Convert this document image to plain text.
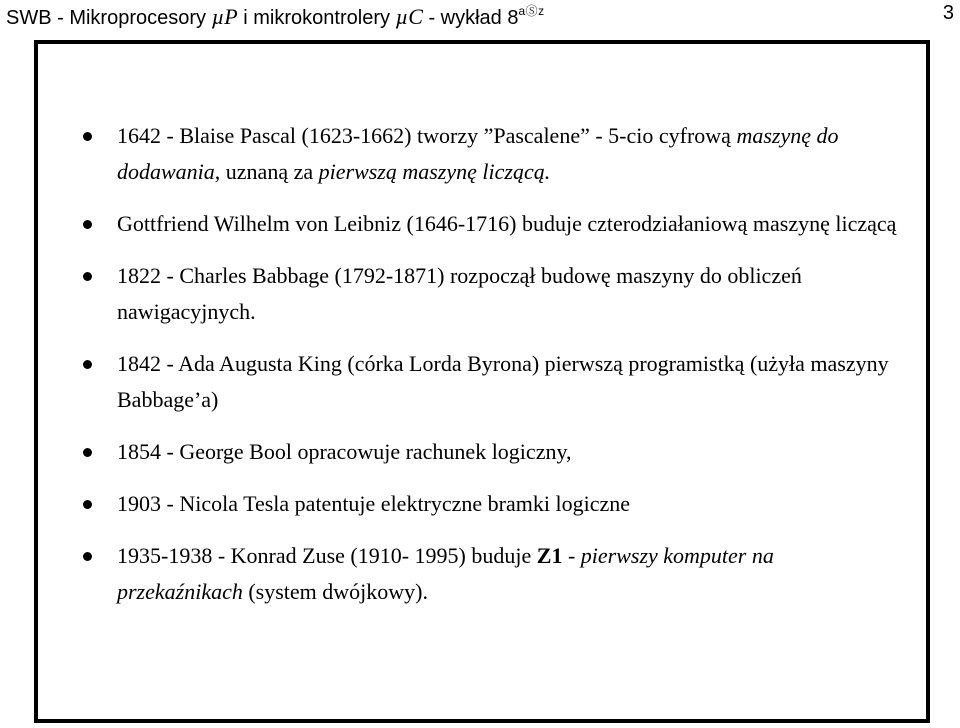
SWB - Mikroprocesory µP i mikrokontrolery µC - wykład $8^{aⓈz}$	3
1642 - Blaise Pascal (1623-1662) tworzy ”Pascalene” - 5-cio cyfrową maszynę do dodawania, uznaną za pierwszą maszynę liczącą.
Gottfriend Wilhelm von Leibniz (1646-1716) buduje czterodziałaniową maszynę liczącą
1822 - Charles Babbage (1792-1871) rozpoczął budowę maszyny do obliczeń nawigacyjnych.
1842 - Ada Augusta King (córka Lorda Byrona) pierwszą programistką (użyła maszyny Babbage’a)
1854 - George Bool opracowuje rachunek logiczny,
1903 - Nicola Tesla patentuje elektryczne bramki logiczne
1935-1938 - Konrad Zuse (1910- 1995) buduje Z1 - pierwszy komputer na przekaźnikach (system dwójkowy).
